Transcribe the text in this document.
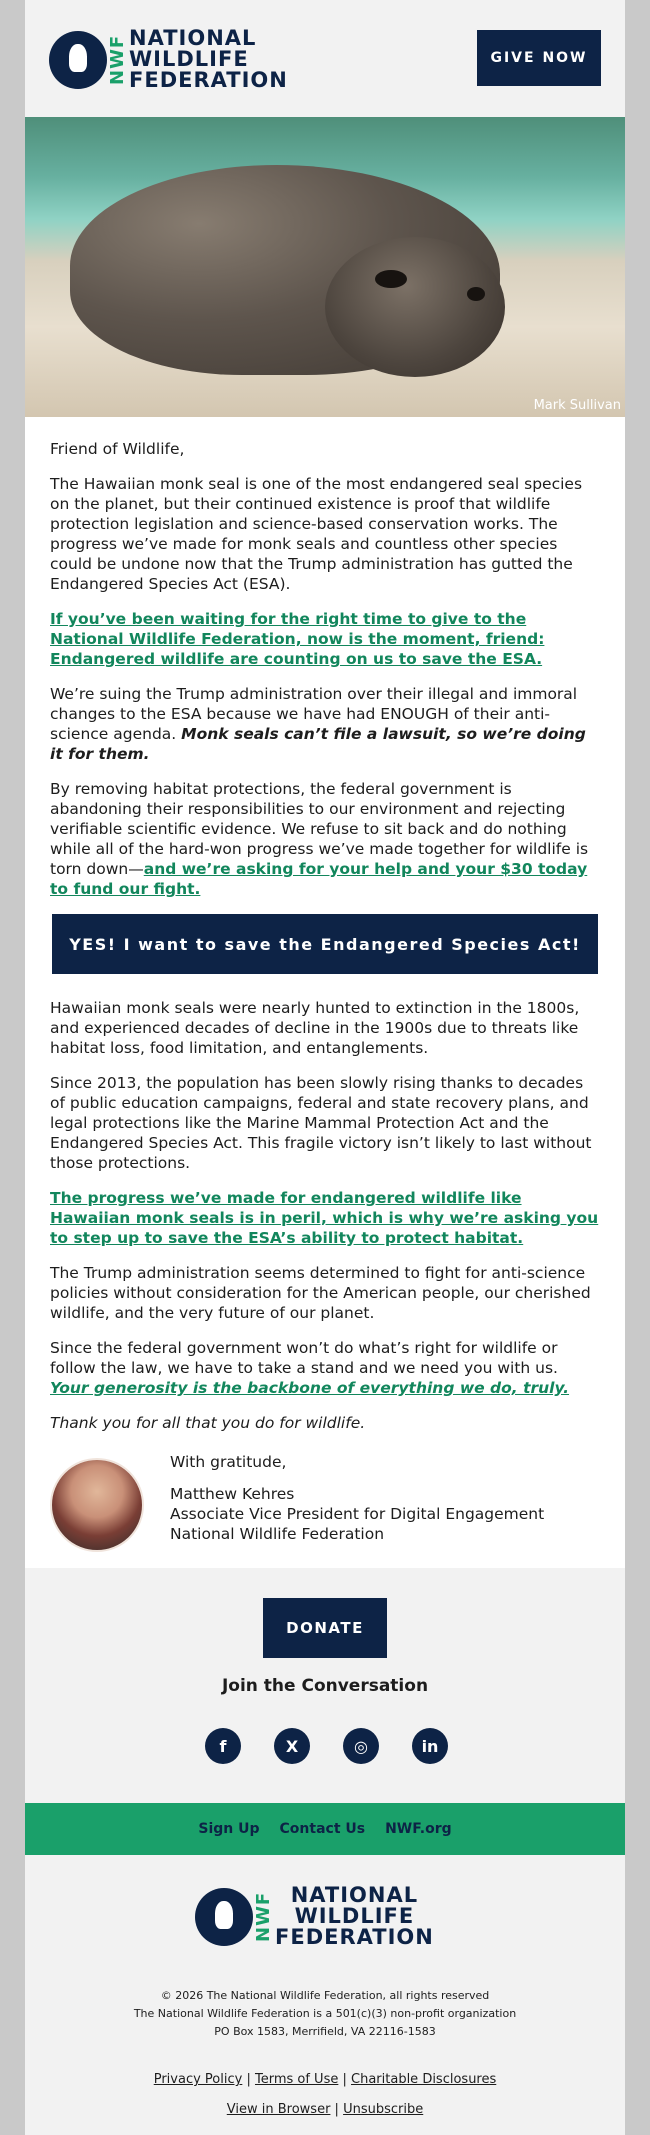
NWF NATIONAL
WILDLIFE
FEDERATION
GIVE NOW
Mark Sullivan

Friend of Wildlife,

The Hawaiian monk seal is one of the most endangered seal species on the planet, but their continued existence is proof that wildlife protection legislation and science-based conservation works. The progress we’ve made for monk seals and countless other species could be undone now that the Trump administration has gutted the Endangered Species Act (ESA).

If you’ve been waiting for the right time to give to the National Wildlife Federation, now is the moment, friend: Endangered wildlife are counting on us to save the ESA.

We’re suing the Trump administration over their illegal and immoral changes to the ESA because we have had ENOUGH of their anti-science agenda. Monk seals can’t file a lawsuit, so we’re doing it for them.

By removing habitat protections, the federal government is abandoning their responsibilities to our environment and rejecting verifiable scientific evidence. We refuse to sit back and do nothing while all of the hard-won progress we’ve made together for wildlife is torn down—and we’re asking for your help and your $30 today to fund our fight.

YES! I want to save the Endangered Species Act!

Hawaiian monk seals were nearly hunted to extinction in the 1800s, and experienced decades of decline in the 1900s due to threats like habitat loss, food limitation, and entanglements.

Since 2013, the population has been slowly rising thanks to decades of public education campaigns, federal and state recovery plans, and legal protections like the Marine Mammal Protection Act and the Endangered Species Act. This fragile victory isn’t likely to last without those protections.

The progress we’ve made for endangered wildlife like Hawaiian monk seals is in peril, which is why we’re asking you to step up to save the ESA’s ability to protect habitat.

The Trump administration seems determined to fight for anti-science policies without consideration for the American people, our cherished wildlife, and the very future of our planet.

Since the federal government won’t do what’s right for wildlife or follow the law, we have to take a stand and we need you with us. Your generosity is the backbone of everything we do, truly.

Thank you for all that you do for wildlife.

With gratitude,
Matthew Kehres
Associate Vice President for Digital Engagement
National Wildlife Federation
DONATE
Join the Conversation
f	X	◎	in
Sign Up Contact Us NWF.org
NWF NATIONAL
WILDLIFE
FEDERATION
© 2026 The National Wildlife Federation, all rights reserved
The National Wildlife Federation is a 501(c)(3) non-profit organization
PO Box 1583, Merrifield, VA 22116-1583
Privacy Policy | Terms of Use | Charitable Disclosures
View in Browser | Unsubscribe
